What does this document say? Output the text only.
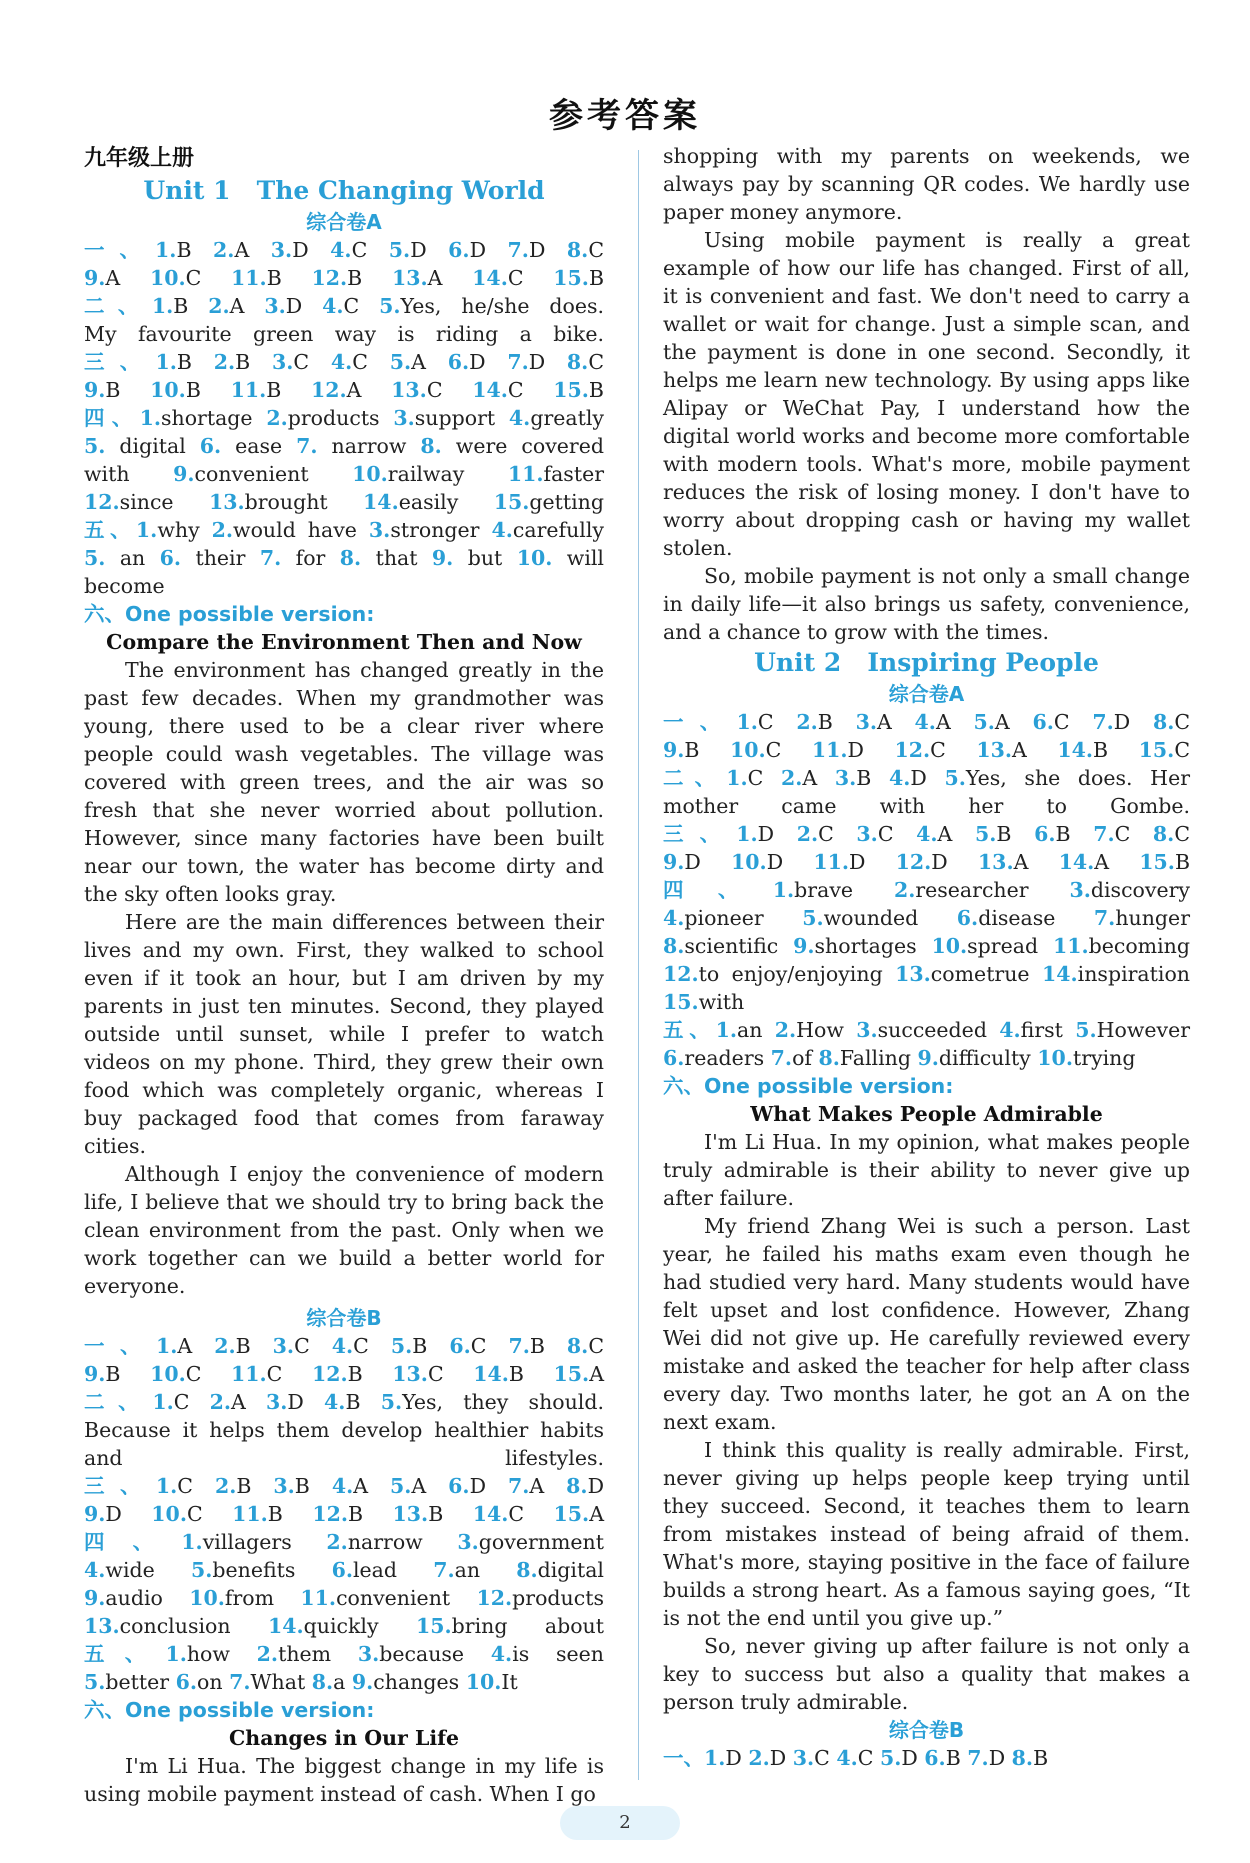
参考答案
九年级上册
Unit 1   The Changing World
综合卷A
一、1.B 2.A 3.D 4.C 5.D 6.D 7.D 8.C
9.A 10.C 11.B 12.B 13.A 14.C 15.B
二、1.B 2.A 3.D 4.C 5.Yes, he/she does.
My favourite green way is riding a bike.
三、1.B 2.B 3.C 4.C 5.A 6.D 7.D 8.C
9.B 10.B 11.B 12.A 13.C 14.C 15.B
四、1.shortage 2.products 3.support 4.greatly
5. digital 6. ease 7. narrow 8. were covered
with 9.convenient 10.railway 11.faster
12.since 13.brought 14.easily 15.getting
五、1.why 2.would have 3.stronger 4.carefully
5. an 6. their 7. for 8. that 9. but 10. will
become
六、One possible version:
Compare the Environment Then and Now
The environment has changed greatly in the past few decades. When my grandmother was young, there used to be a clear river where people could wash vegetables. The village was covered with green trees, and the air was so fresh that she never worried about pollution. However, since many factories have been built near our town, the water has become dirty and the sky often looks gray.
Here are the main differences between their lives and my own. First, they walked to school even if it took an hour, but I am driven by my parents in just ten minutes. Second, they played outside until sunset, while I prefer to watch videos on my phone. Third, they grew their own food which was completely organic, whereas I buy packaged food that comes from faraway cities.
Although I enjoy the convenience of modern life, I believe that we should try to bring back the clean environment from the past. Only when we work together can we build a better world for everyone.
综合卷B
一、1.A 2.B 3.C 4.C 5.B 6.C 7.B 8.C
9.B 10.C 11.C 12.B 13.C 14.B 15.A
二、1.C 2.A 3.D 4.B 5.Yes, they should.
Because it helps them develop healthier habits
and lifestyles.
三、1.C 2.B 3.B 4.A 5.A 6.D 7.A 8.D
9.D 10.C 11.B 12.B 13.B 14.C 15.A
四、1.villagers 2.narrow 3.government
4.wide 5.benefits 6.lead 7.an 8.digital
9.audio 10.from 11.convenient 12.products
13.conclusion 14.quickly 15.bring about
五、1.how 2.them 3.because 4.is seen
5.better 6.on 7.What 8.a 9.changes 10.It
六、One possible version:
Changes in Our Life
I'm Li Hua. The biggest change in my life is using mobile payment instead of cash. When I go
shopping with my parents on weekends, we always pay by scanning QR codes. We hardly use paper money anymore.
Using mobile payment is really a great example of how our life has changed. First of all, it is convenient and fast. We don't need to carry a wallet or wait for change. Just a simple scan, and the payment is done in one second. Secondly, it helps me learn new technology. By using apps like Alipay or WeChat Pay, I understand how the digital world works and become more comfortable with modern tools. What's more, mobile payment reduces the risk of losing money. I don't have to worry about dropping cash or having my wallet stolen.
So, mobile payment is not only a small change in daily life—it also brings us safety, convenience, and a chance to grow with the times.
Unit 2   Inspiring People
综合卷A
一、1.C 2.B 3.A 4.A 5.A 6.C 7.D 8.C
9.B 10.C 11.D 12.C 13.A 14.B 15.C
二、1.C 2.A 3.B 4.D 5.Yes, she does. Her
mother came with her to Gombe.
三、1.D 2.C 3.C 4.A 5.B 6.B 7.C 8.C
9.D 10.D 11.D 12.D 13.A 14.A 15.B
四、1.brave 2.researcher 3.discovery
4.pioneer 5.wounded 6.disease 7.hunger
8.scientific 9.shortages 10.spread 11.becoming
12.to enjoy/enjoying 13.cometrue 14.inspiration
15.with
五、1.an 2.How 3.succeeded 4.first 5.However
6.readers 7.of 8.Falling 9.difficulty 10.trying
六、One possible version:
What Makes People Admirable
I'm Li Hua. In my opinion, what makes people truly admirable is their ability to never give up after failure.
My friend Zhang Wei is such a person. Last year, he failed his maths exam even though he had studied very hard. Many students would have felt upset and lost confidence. However, Zhang Wei did not give up. He carefully reviewed every mistake and asked the teacher for help after class every day. Two months later, he got an A on the next exam.
I think this quality is really admirable. First, never giving up helps people keep trying until they succeed. Second, it teaches them to learn from mistakes instead of being afraid of them. What's more, staying positive in the face of failure builds a strong heart. As a famous saying goes, “It is not the end until you give up.”
So, never giving up after failure is not only a key to success but also a quality that makes a person truly admirable.
综合卷B
一、1.D 2.D 3.C 4.C 5.D 6.B 7.D 8.B
2
